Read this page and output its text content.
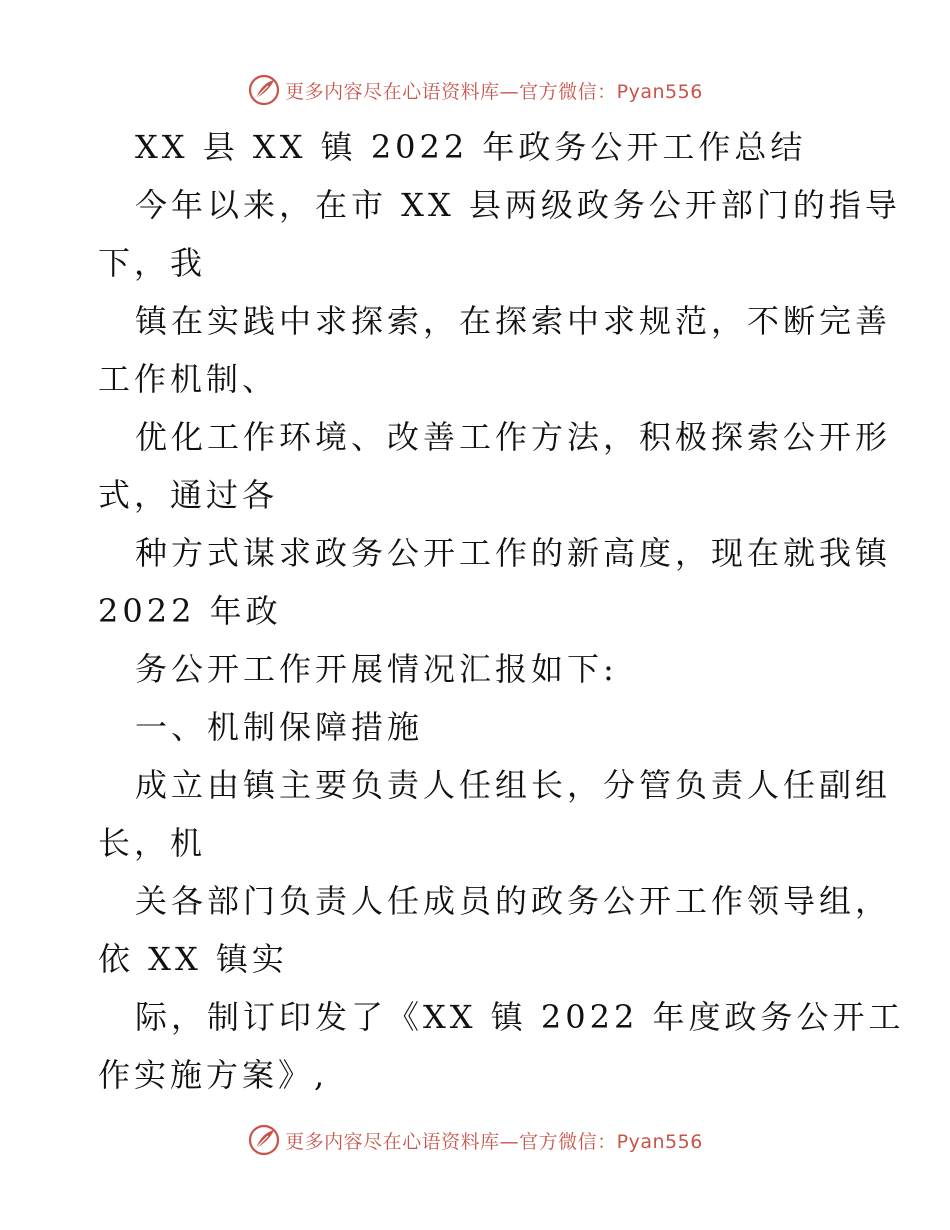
更多内容尽在心语资料库—官方微信：Pyan556
XX 县 XX 镇 2022 年政务公开工作总结
今年以来，在市 XX 县两级政务公开部门的指导
下，我
镇在实践中求探索，在探索中求规范，不断完善
工作机制、
优化工作环境、改善工作方法，积极探索公开形
式，通过各
种方式谋求政务公开工作的新高度，现在就我镇
2022 年政
务公开工作开展情况汇报如下:
一、机制保障措施
成立由镇主要负责人任组长，分管负责人任副组
长，机
关各部门负责人任成员的政务公开工作领导组，
依 XX 镇实
际，制订印发了《XX 镇 2022 年度政务公开工
作实施方案》,
更多内容尽在心语资料库—官方微信：Pyan556
